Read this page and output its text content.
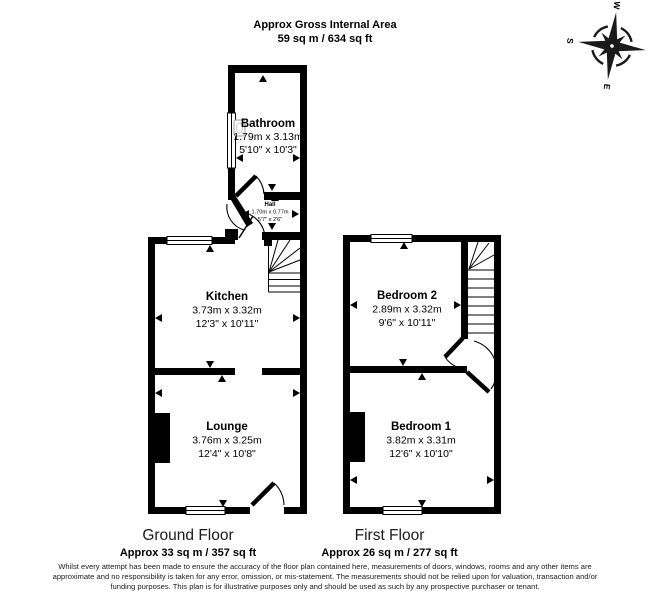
E
S
W
Bathroom
1.79m x 3.13m
5'10" x 10'3"
Hall
1.70m x 0.77m
5'7" x 2'6"
Kitchen
3.73m x 3.32m
12'3" x 10'11"
Lounge
3.76m x 3.25m
12'4" x 10'8"
Bedroom 2
2.89m x 3.32m
9'6" x 10'11"
Bedroom 1
3.82m x 3.31m
12'6" x 10'10"
Approx Gross Internal Area
59 sq m / 634 sq ft
Ground Floor
Approx 33 sq m / 357 sq ft
First Floor
Approx 26 sq m / 277 sq ft
Whilst every attempt has been made to ensure the accuracy of the floor plan contained here, measurements of doors, windows, rooms and any other items are approximate and no responsibility is taken for any error, omission, or mis-statement. The measurements should not be relied upon for valuation, transaction and/or funding purposes. This plan is for illustrative purposes only and should be used as such by any prospective purchaser or tenant.
